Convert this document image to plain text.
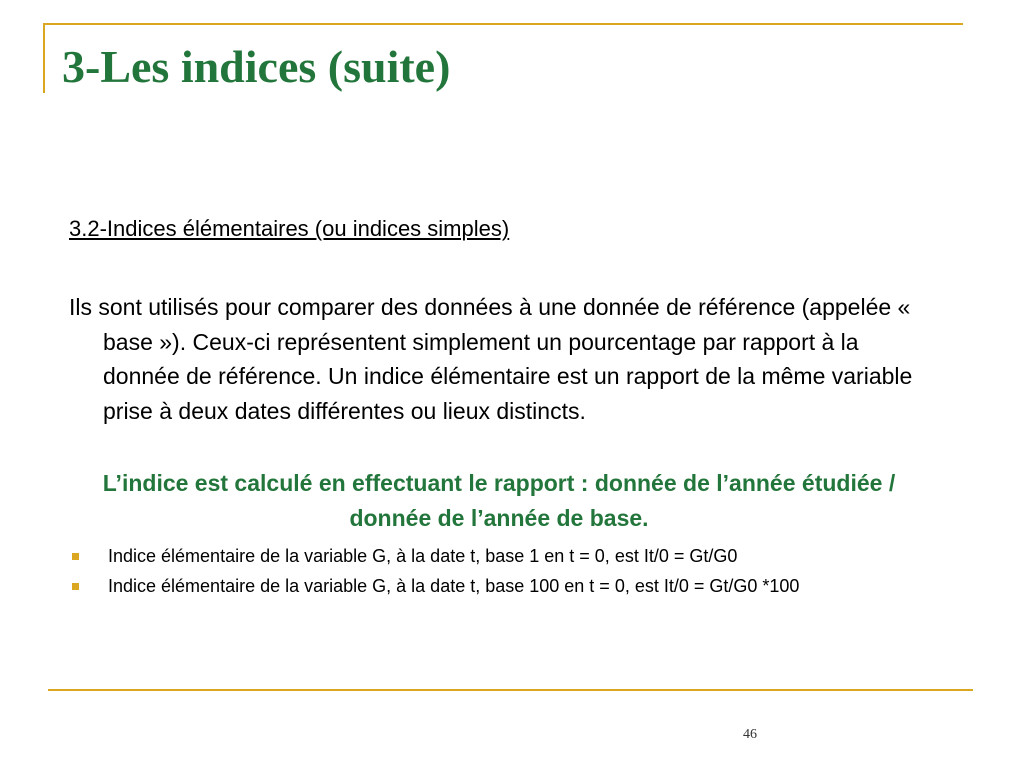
3-Les indices (suite)

3.2-Indices élémentaires (ou indices simples)

Ils sont utilisés pour comparer des données à une donnée de référence (appelée « base »). Ceux-ci représentent simplement un pourcentage par rapport à la donnée de référence. Un indice élémentaire est un rapport de la même variable prise à deux dates différentes ou lieux distincts.

L’indice est calculé en effectuant le rapport : donnée de l’année étudiée / donnée de l’année de base.

Indice élémentaire de la variable G, à la date t, base 1 en t = 0, est It/0 = Gt/G0
Indice élémentaire de la variable G, à la date t, base 100 en t = 0, est It/0 = Gt/G0 *100

46
